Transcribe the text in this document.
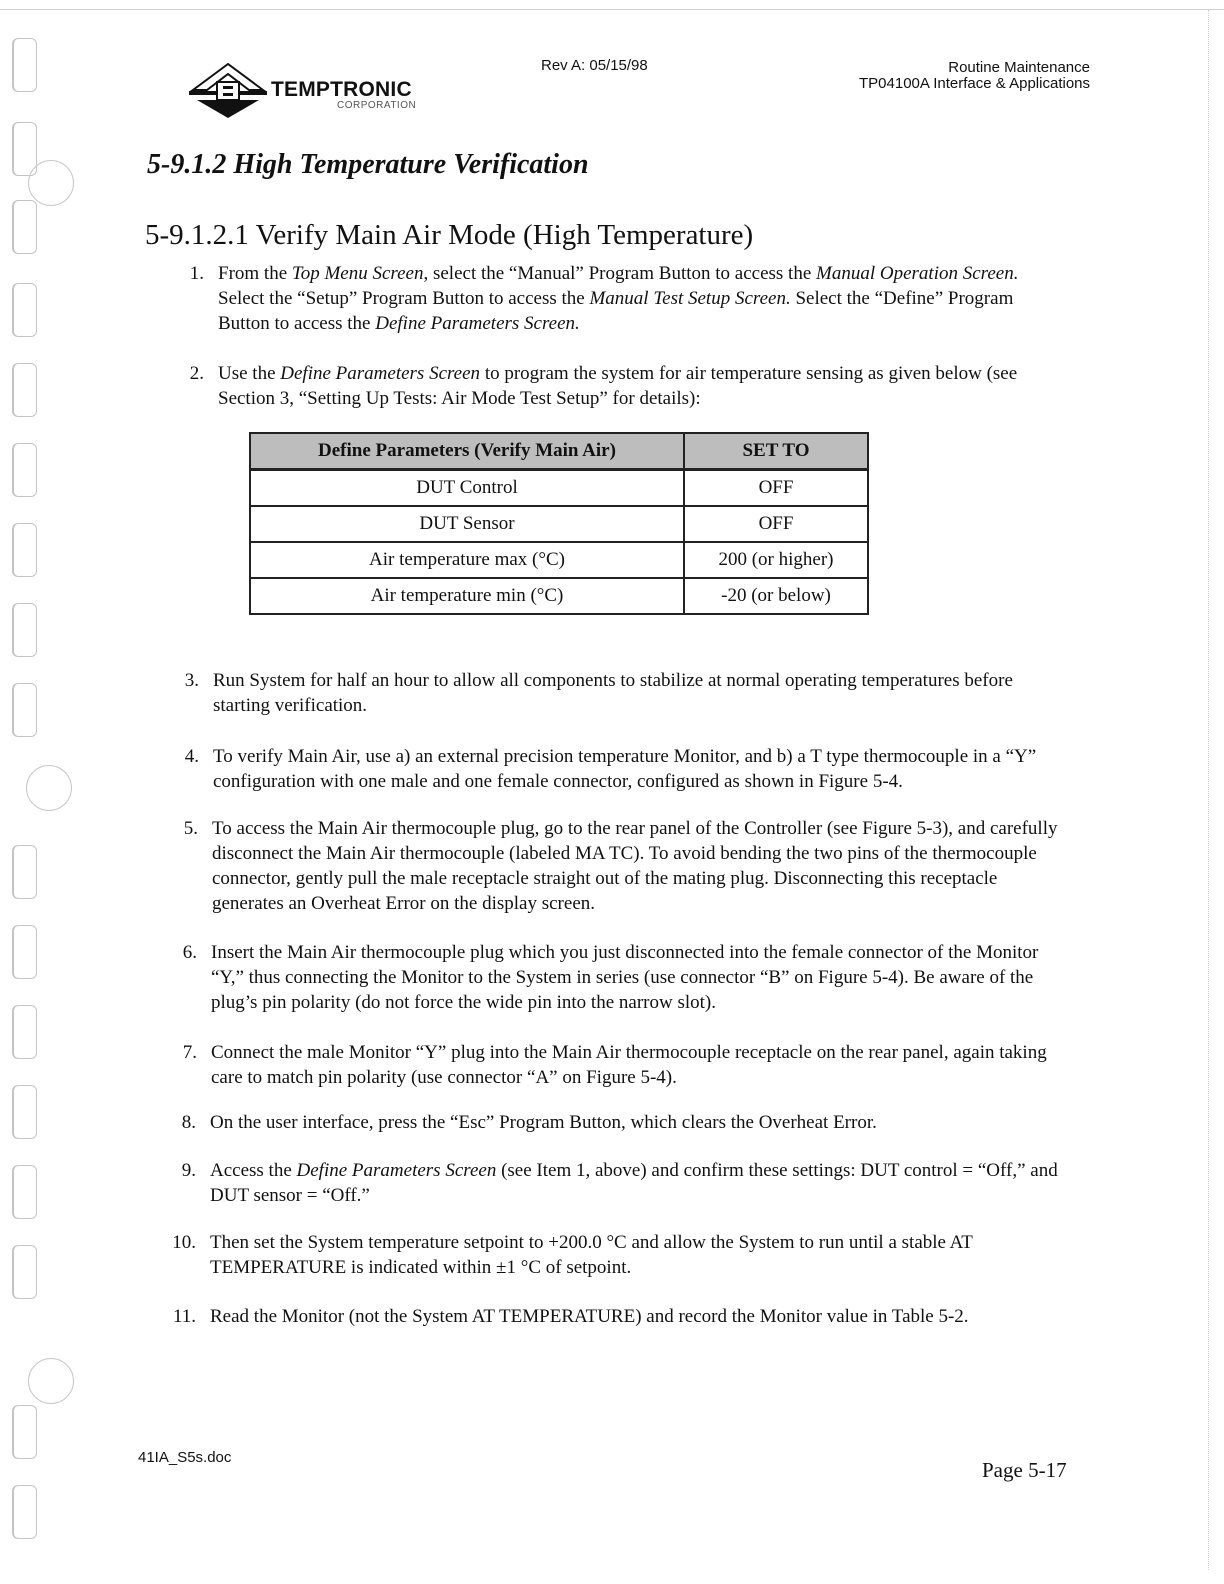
TEMPTRONIC
CORPORATION
Rev A: 05/15/98	Routine Maintenance
TP04100A Interface & Applications
5-9.1.2 High Temperature Verification
5-9.1.2.1 Verify Main Air Mode (High Temperature)
1. From the Top Menu Screen, select the “Manual” Program Button to access the Manual Operation Screen. Select the “Setup” Program Button to access the Manual Test Setup Screen. Select the “Define” Program Button to access the Define Parameters Screen.
2. Use the Define Parameters Screen to program the system for air temperature sensing as given below (see Section 3, “Setting Up Tests: Air Mode Test Setup” for details):
3. Run System for half an hour to allow all components to stabilize at normal operating temperatures before starting verification.
4. To verify Main Air, use a) an external precision temperature Monitor, and b) a T type thermocouple in a “Y” configuration with one male and one female connector, configured as shown in Figure 5-4.
5. To access the Main Air thermocouple plug, go to the rear panel of the Controller (see Figure 5-3), and carefully disconnect the Main Air thermocouple (labeled MA TC). To avoid bending the two pins of the thermocouple connector, gently pull the male receptacle straight out of the mating plug. Disconnecting this receptacle generates an Overheat Error on the display screen.
6. Insert the Main Air thermocouple plug which you just disconnected into the female connector of the Monitor “Y,” thus connecting the Monitor to the System in series (use connector “B” on Figure 5-4). Be aware of the plug’s pin polarity (do not force the wide pin into the narrow slot).
7. Connect the male Monitor “Y” plug into the Main Air thermocouple receptacle on the rear panel, again taking care to match pin polarity (use connector “A” on Figure 5-4).
8. On the user interface, press the “Esc” Program Button, which clears the Overheat Error.
9. Access the Define Parameters Screen (see Item 1, above) and confirm these settings: DUT control = “Off,” and DUT sensor = “Off.”
10. Then set the System temperature setpoint to +200.0 °C and allow the System to run until a stable AT TEMPERATURE is indicated within ±1 °C of setpoint.
11. Read the Monitor (not the System AT TEMPERATURE) and record the Monitor value in Table 5-2.
Define Parameters (Verify Main Air)	SET TO
DUT Control	OFF
DUT Sensor	OFF
Air temperature max (°C)	200 (or higher)
Air temperature min (°C)	-20 (or below)
41IA_S5s.doc
Page 5-17
